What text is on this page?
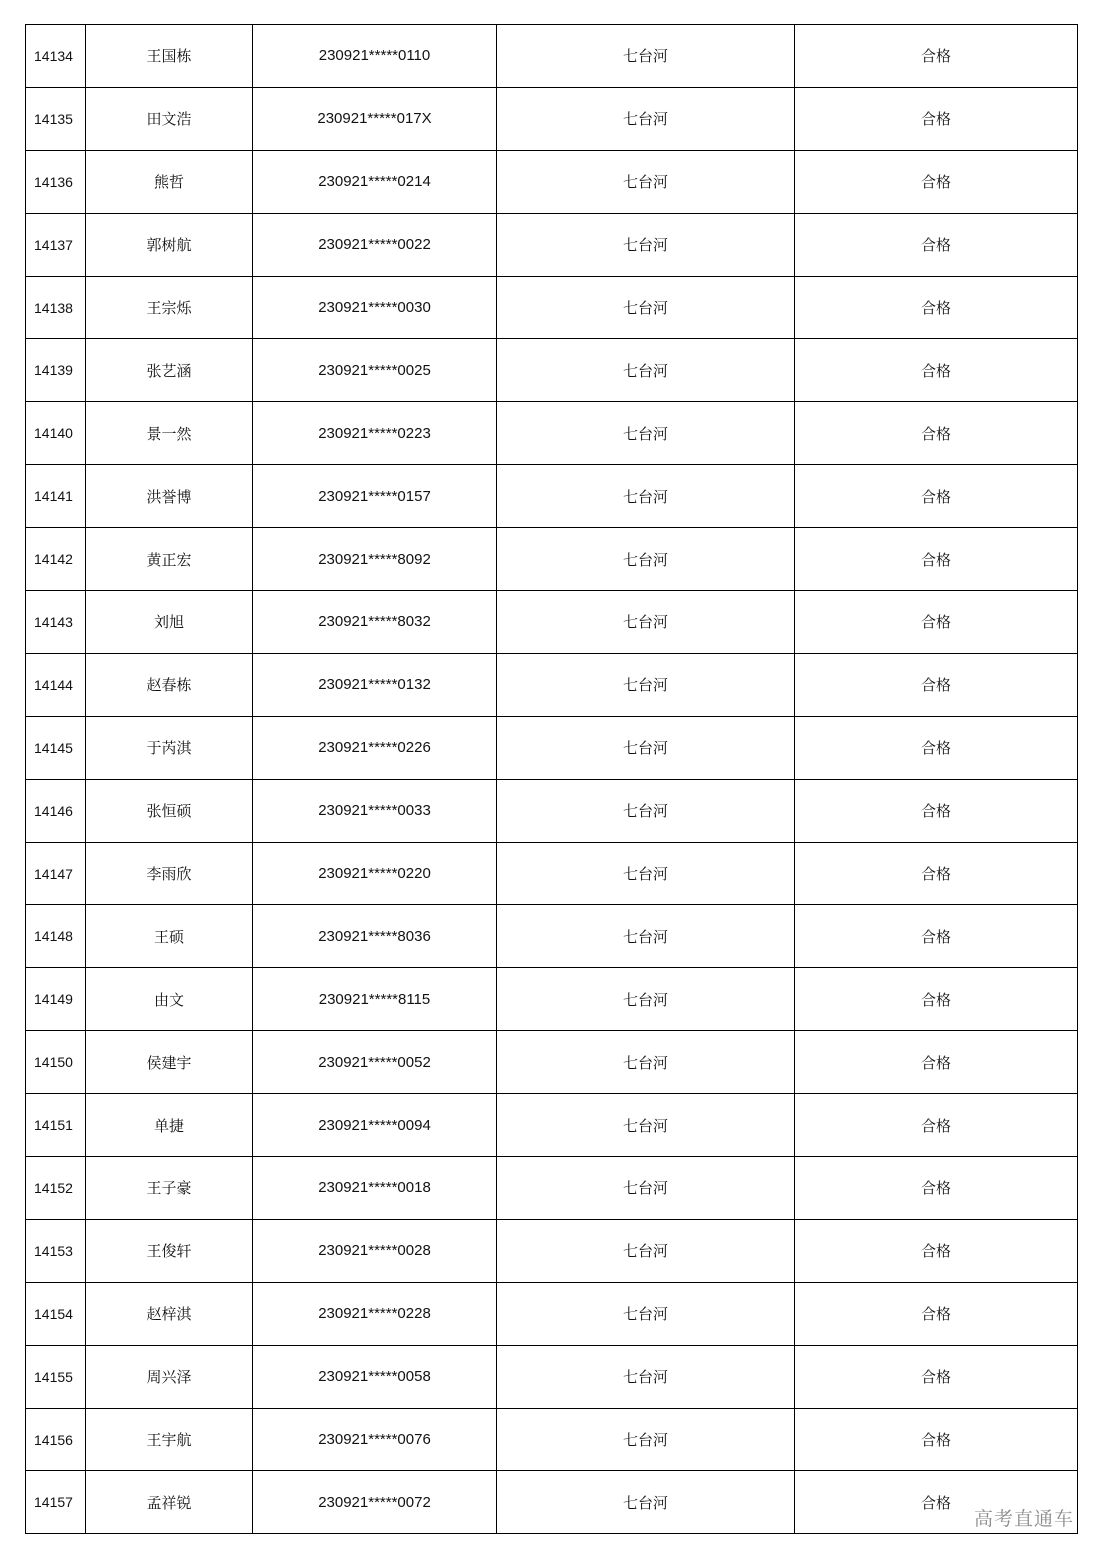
14134	王国栋	230921*****0110	七台河	合格
14135	田文浩	230921*****017X	七台河	合格
14136	熊哲	230921*****0214	七台河	合格
14137	郭树航	230921*****0022	七台河	合格
14138	王宗烁	230921*****0030	七台河	合格
14139	张艺涵	230921*****0025	七台河	合格
14140	景一然	230921*****0223	七台河	合格
14141	洪誉博	230921*****0157	七台河	合格
14142	黄正宏	230921*****8092	七台河	合格
14143	刘旭	230921*****8032	七台河	合格
14144	赵春栋	230921*****0132	七台河	合格
14145	于芮淇	230921*****0226	七台河	合格
14146	张恒硕	230921*****0033	七台河	合格
14147	李雨欣	230921*****0220	七台河	合格
14148	王硕	230921*****8036	七台河	合格
14149	由文	230921*****8115	七台河	合格
14150	侯建宇	230921*****0052	七台河	合格
14151	单捷	230921*****0094	七台河	合格
14152	王子豪	230921*****0018	七台河	合格
14153	王俊轩	230921*****0028	七台河	合格
14154	赵梓淇	230921*****0228	七台河	合格
14155	周兴泽	230921*****0058	七台河	合格
14156	王宇航	230921*****0076	七台河	合格
14157	孟祥锐	230921*****0072	七台河	合格
高考直通车
